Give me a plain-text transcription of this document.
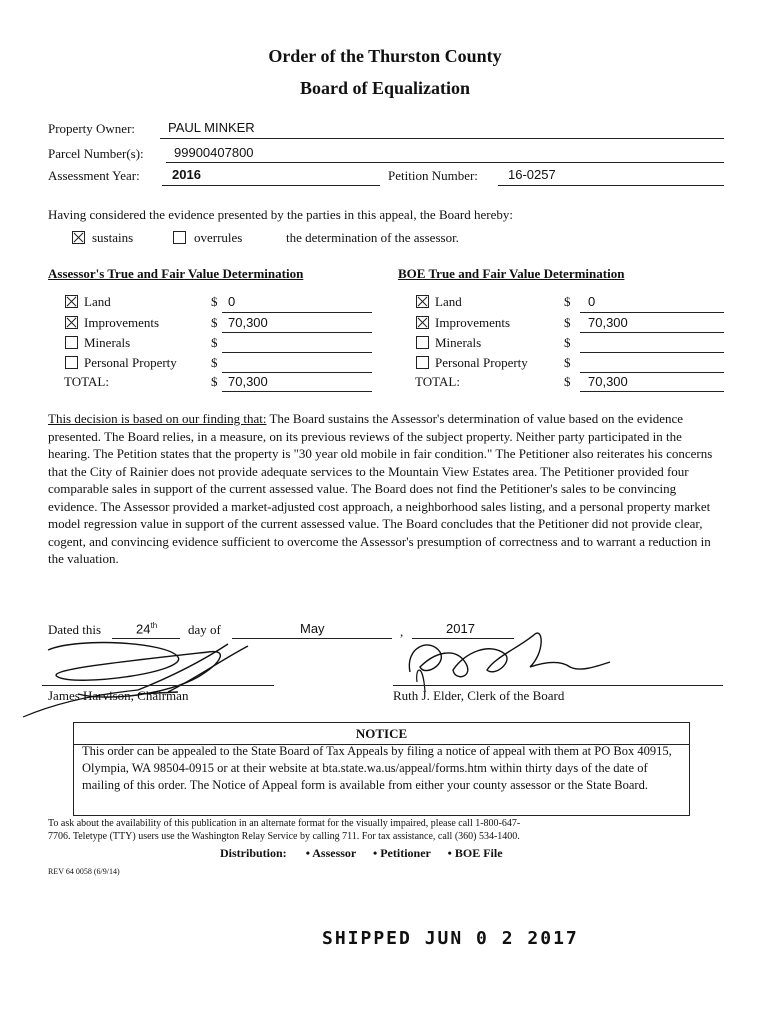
Order of the Thurston County
Board of Equalization
Property Owner:	PAUL MINKER
Parcel Number(s): 99900407800
Assessment Year: 2016	Petition Number: 16-0257
Having considered the evidence presented by the parties in this appeal, the Board hereby:
sustains	overrules	the determination of the assessor.
Assessor's True and Fair Value Determination
Land	$ 0
Improvements	$ 70,300
Minerals	$
Personal Property	$
TOTAL:	$ 70,300
BOE True and Fair Value Determination
Land	$ 0
Improvements	$ 70,300
Minerals	$
Personal Property	$
TOTAL:	$ 70,300
This decision is based on our finding that: The Board sustains the Assessor's determination of value based on the evidence presented. The Board relies, in a measure, on its previous reviews of the subject property. Neither party participated in the hearing. The Petition states that the property is "30 year old mobile in fair condition." The Petitioner also reiterates his concerns that the City of Rainier does not provide adequate services to the Mountain View Estates area. The Petitioner provided four comparable sales in support of the current assessed value. The Board does not find the Petitioner's sales to be convincing evidence. The Assessor provided a market-adjusted cost approach, a neighborhood sales listing, and a personal property market model regression value in support of the current assessed value. The Board concludes that the Petitioner did not provide clear, cogent, and convincing evidence sufficient to overcome the Assessor's presumption of correctness and to warrant a reduction in the valuation.
Dated this	24th day of	May	,	2017
James Harvison, Chairman	Ruth J. Elder, Clerk of the Board
NOTICE
This order can be appealed to the State Board of Tax Appeals by filing a notice of appeal with them at PO Box 40915, Olympia, WA 98504-0915 or at their website at bta.state.wa.us/appeal/forms.htm within thirty days of the date of mailing of this order. The Notice of Appeal form is available from either your county assessor or the State Board.
To ask about the availability of this publication in an alternate format for the visually impaired, please call 1-800-647-
7706. Teletype (TTY) users use the Washington Relay Service by calling 711. For tax assistance, call (360) 534-1400.
Distribution: • Assessor • Petitioner • BOE File
REV 64 0058 (6/9/14)
SHIPPED JUN 0 2 2017
